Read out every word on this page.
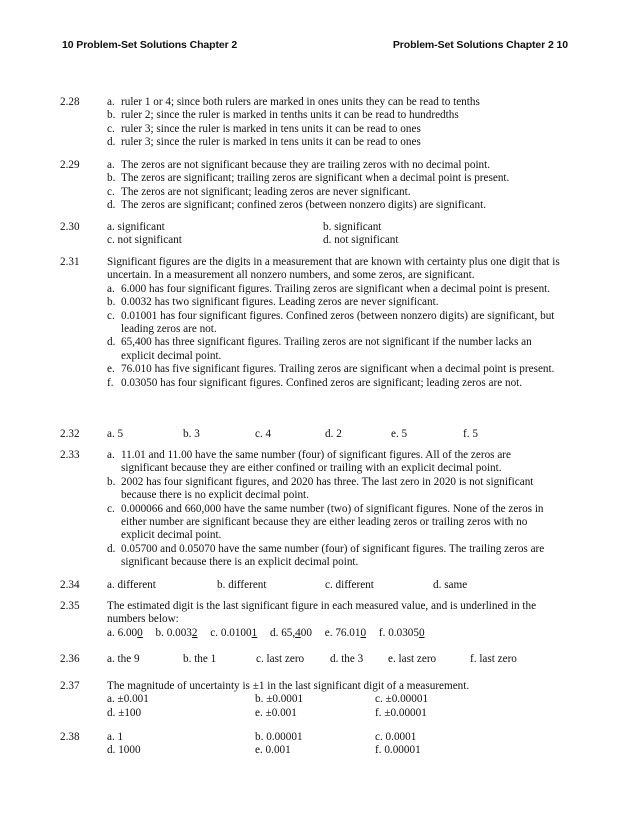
10 Problem-Set Solutions Chapter 2	Problem-Set Solutions Chapter 2 10
2.28	a. ruler 1 or 4; since both rulers are marked in ones units they can be read to tenths
b. ruler 2; since the ruler is marked in tenths units it can be read to hundredths
c. ruler 3; since the ruler is marked in tens units it can be read to ones
d. ruler 3; since the ruler is marked in tens units it can be read to ones
2.29	a. The zeros are not significant because they are trailing zeros with no decimal point.
b. The zeros are significant; trailing zeros are significant when a decimal point is present.
c. The zeros are not significant; leading zeros are never significant.
d. The zeros are significant; confined zeros (between nonzero digits) are significant.
2.30	a. significant	b. significant
c. not significant	d. not significant
2.31	Significant figures are the digits in a measurement that are known with certainty plus one digit that is uncertain. In a measurement all nonzero numbers, and some zeros, are significant.
a. 6.000 has four significant figures. Trailing zeros are significant when a decimal point is present.
b. 0.0032 has two significant figures. Leading zeros are never significant.
c. 0.01001 has four significant figures. Confined zeros (between nonzero digits) are significant, but leading zeros are not.
d. 65,400 has three significant figures. Trailing zeros are not significant if the number lacks an explicit decimal point.
e. 76.010 has five significant figures. Trailing zeros are significant when a decimal point is present.
f. 0.03050 has four significant figures. Confined zeros are significant; leading zeros are not.
2.32	a. 5	b. 3	c. 4	d. 2	e. 5	f. 5
2.33	a. 11.01 and 11.00 have the same number (four) of significant figures. All of the zeros are significant because they are either confined or trailing with an explicit decimal point.
b. 2002 has four significant figures, and 2020 has three. The last zero in 2020 is not significant because there is no explicit decimal point.
c. 0.000066 and 660,000 have the same number (two) of significant figures. None of the zeros in either number are significant because they are either leading zeros or trailing zeros with no explicit decimal point.
d. 0.05700 and 0.05070 have the same number (four) of significant figures. The trailing zeros are significant because there is an explicit decimal point.
2.34	a. different	b. different	c. different	d. same
2.35	The estimated digit is the last significant figure in each measured value, and is underlined in the numbers below:
a. 6.000 b. 0.0032 c. 0.01001 d. 65,400 e. 76.010 f. 0.03050
2.36	a. the 9	b. the 1	c. last zero	d. the 3	e. last zero	f. last zero
2.37	The magnitude of uncertainty is ±1 in the last significant digit of a measurement.
a. ±0.001	b. ±0.0001	c. ±0.00001
d. ±100	e. ±0.001	f. ±0.00001
2.38	a. 1	b. 0.00001	c. 0.0001
d. 1000	e. 0.001	f. 0.00001
